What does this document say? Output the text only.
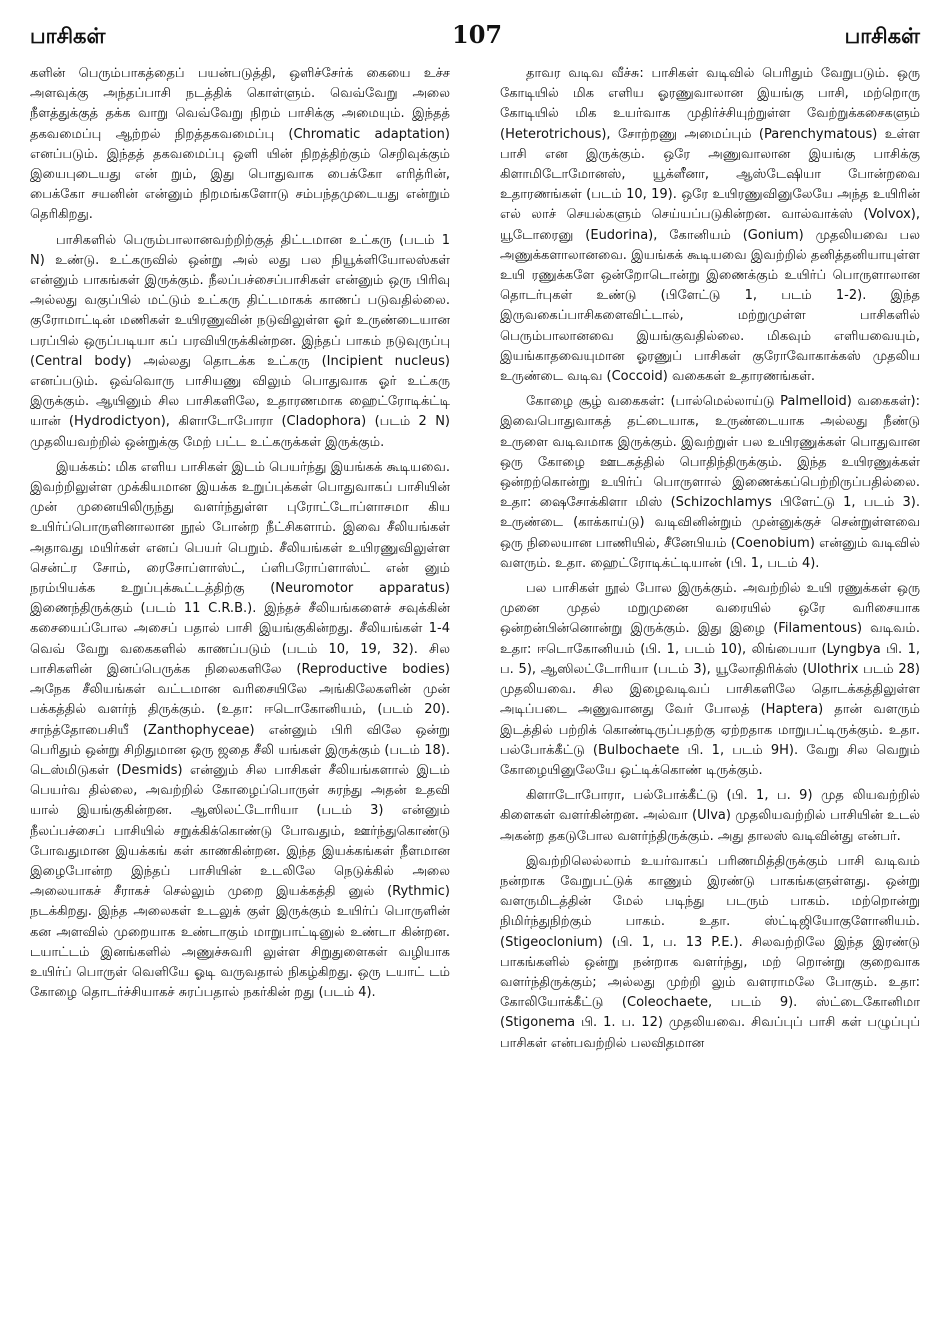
பாசிகள்	107	பாசிகள்

களின் பெரும்பாகத்தைப் பயன்படுத்தி, ஒளிச்சேர்க் கையை உச்ச அளவுக்கு அந்தப்பாசி நடத்திக் கொள்ளும். வெவ்வேறு அலை நீளத்துக்குத் தக்க வாறு வெவ்வேறு நிறம் பாசிக்கு அமையும். இந்தத் தகவமைப்பு ஆற்றல் நிறத்தகவமைப்பு (Chromatic adaptation) எனப்படும். இந்தத் தகவமைப்பு ஒளி யின் நிறத்திற்கும் செறிவுக்கும் இயைபுடையது என் றும், இது பொதுவாக பைக்கோ எரித்ரின், பைக்கோ சயனின் என்னும் நிறமங்களோடு சம்பந்தமுடையது என்றும் தெரிகிறது.

பாசிகளில் பெரும்பாலானவற்றிற்குத் திட்டமான உட்கரு (படம் 1 N) உண்டு. உட்கருவில் ஒன்று அல் லது பல நியூக்ளியோலஸ்கள் என்னும் பாகங்கள் இருக்கும். நீலப்பச்சைப்பாசிகள் என்னும் ஒரு பிரிவு அல்லது வகுப்பில் மட்டும் உட்கரு திட்டமாகக் காணப் படுவதில்லை. குரோமாட்டின் மணிகள் உயிரணுவின் நடுவிலுள்ள ஓர் உருண்டையான பரப்பில் ஒருப்படியா கப் பரவியிருக்கின்றன. இந்தப் பாகம் நடுவுருப்பு (Central body) அல்லது தொடக்க உட்கரு (Incipient nucleus) எனப்படும். ஒவ்வொரு பாசியணு விலும் பொதுவாக ஓர் உட்கரு இருக்கும். ஆயினும் சில பாசிகளிலே, உதாரணமாக ஹைட்ரோடிக்ட்டி யான் (Hydrodictyon), கிளாடோபோரா (Cladophora) (படம் 2 N) முதலியவற்றில் ஒன்றுக்கு மேற் பட்ட உட்கருக்கள் இருக்கும்.

இயக்கம்: மிக எளிய பாசிகள் இடம் பெயர்ந்து இயங்கக் கூடியவை. இவற்றிலுள்ள முக்கியமான இயக்க உறுப்புக்கள் பொதுவாகப் பாசியின் முன் முனையிலிருந்து வளர்ந்துள்ள புரோட்டோப்ளாசமா கிய உயிர்ப்பொருளினாலான நூல் போன்ற நீட்சிகளாம். இவை சீலியங்கள் அதாவது மயிர்கள் எனப் பெயர் பெறும். சீலியங்கள் உயிரணுவிலுள்ள சென்ட்ர சோம், ரைசோப்ளாஸ்ட், ப்ளிபரோப்ளாஸ்ட் என் னும் நரம்பியக்க உறுப்புக்கூட்டத்திற்கு (Neuromotor apparatus) இணைந்திருக்கும் (படம் 11 C.R.B.). இந்தச் சீலியங்களைச் சவுக்கின் கசையைப்போல அசைப் பதால் பாசி இயங்குகின்றது. சீலியங்கள் 1-4 வெவ் வேறு வகைகளில் காணப்படும் (படம் 10, 19, 32). சில பாசிகளின் இனப்பெருக்க நிலைகளிலே (Reproductive bodies) அநேக சீலியங்கள் வட்டமான வரிசையிலே அங்கிலேகளின் முன் பக்கத்தில் வளர்ந் திருக்கும். (உதா: ஈடொகோனியம், (படம் 20). சாந்த்தோபைசியீ (Zanthophyceae) என்னும் பிரி விலே ஒன்று பெரிதும் ஒன்று சிறிதுமான ஒரு ஜதை சீலி யங்கள் இருக்கும் (படம் 18). டெஸ்மிடுகள் (Desmids) என்னும் சில பாசிகள் சீலியங்களால் இடம் பெயர்வ தில்லை, அவற்றில் கோழைப்பொருள் சுரந்து அதன் உதவி யால் இயங்குகின்றன. ஆஸிலட்டோரியா (படம் 3) என்னும் நீலப்பச்சைப் பாசியில் சறுக்கிக்கொண்டு போவதும், ஊர்ந்துகொண்டு போவதுமான இயக்கங் கள் காணகின்றன. இந்த இயக்கங்கள் நீளமான இழைபோன்ற இந்தப் பாசியின் உடலிலே நெடுக்கில் அலை அலையாகச் சீராகச் செல்லும் முறை இயக்கத்தி னுல் (Rythmic) நடக்கிறது. இந்த அலைகள் உடலுக் குள் இருக்கும் உயிர்ப் பொருளின் கன அளவில் முறையாக உண்டாகும் மாறுபாட்டினுல் உண்டா கின்றன. டயாட்டம் இனங்களில் அணுச்சுவரி லுள்ள சிறுதுளைகள் வழியாக உயிர்ப் பொருள் வெளியே ஓடி வருவதால் நிகழ்கிறது. ஒரு டயாட் டம் கோழை தொடர்ச்சியாகச் சுரப்பதால் நகர்கின் றது (படம் 4).

தாவர வடிவ வீச்சு: பாசிகள் வடிவில் பெரிதும் வேறுபடும். ஒரு கோடியில் மிக எளிய ஓரணுவாலான இயங்கு பாசி, மற்றொரு கோடியில் மிக உயர்வாக முதிர்ச்சியுற்றுள்ள வேற்றுக்கசைகளும் (Heterotrichous), சோற்றணு அமைப்பும் (Parenchymatous) உள்ள பாசி என இருக்கும். ஒரே அணுவாலான இயங்கு பாசிக்கு கிளாமிடோமோனஸ், யூக்ளீனா, ஆஸ்டேஷியா போன்றவை உதாரணங்கள் (படம் 10, 19). ஒரே உயிரணுவினுலேயே அந்த உயிரின் எல் லாச் செயல்களும் செய்யப்படுகின்றன. வால்வாக்ஸ் (Volvox), யூடோரைனு (Eudorina), கோனியம் (Gonium) முதலியவை பல அணுக்களாலானவை. இயங்கக் கூடியவை இவற்றில் தனித்தனியாயுள்ள உயி ரணுக்களே ஒன்றோடொன்று இணைக்கும் உயிர்ப் பொருளாலான தொடர்புகள் உண்டு (பிளேட்டு 1, படம் 1-2). இந்த இருவகைப்பாசிகளைவிட்டால், மற்றுமுள்ள பாசிகளில் பெரும்பாலானவை இயங்குவதில்லை. மிகவும் எளியவையும், இயங்காதவையுமான ஓரணுப் பாசிகள் குரோவோகாக்கஸ் முதலிய உருண்டை வடிவ (Coccoid) வகைகள் உதாரணங்கள்.

கோழை சூழ் வகைகள்: (பால்மெல்லாய்டு Palmelloid) வகைகள்): இவைபொதுவாகத் தட்டையாக, உருண்டையாக அல்லது நீண்டு உருளை வடிவமாக இருக்கும். இவற்றுள் பல உயிரணுக்கள் பொதுவான ஒரு கோழை ஊடகத்தில் பொதிந்திருக்கும். இந்த உயிரணுக்கள் ஒன்றற்கொன்று உயிர்ப் பொருளால் இணைக்கப்பெற்றிருப்பதில்லை. உதா: ஷைசோக்கிளா மிஸ் (Schizochlamys பிளேட்டு 1, படம் 3). உருண்டை (காக்காய்டு) வடிவினின்றும் முன்னுக்குச் சென்றுள்ளவை ஒரு நிலையான பாணியில், சீனேபியம் (Coenobium) என்னும் வடிவில் வளரும். உதா. ஹைட்ரோடிக்ட்டியான் (பி. 1, படம் 4).

பல பாசிகள் நூல் போல இருக்கும். அவற்றில் உயி ரணுக்கள் ஒரு முனை முதல் மறுமுனை வரையில் ஒரே வரிசையாக ஒன்றன்பின்னொன்று இருக்கும். இது இழை (Filamentous) வடிவம். உதா: ஈடொகோனியம் (பி. 1, படம் 10), லிங்பையா (Lyngbya பி. 1, ப. 5), ஆஸிலட்டோரியா (படம் 3), யூலோதிரிக்ஸ் (Ulothrix படம் 28) முதலியவை. சில இழைவடிவப் பாசிகளிலே தொடக்கத்திலுள்ள அடிப்படை அணுவானது வேர் போலத் (Haptera) தான் வளரும் இடத்தில் பற்றிக் கொண்டிருப்பதற்கு ஏற்றதாக மாறுபட்டிருக்கும். உதா. பல்போக்கீட்டு (Bulbochaete பி. 1, படம் 9H). வேறு சில வெறும் கோழையினுலேயே ஒட்டிக்கொண் டிருக்கும்.

கிளாடோபோரா, பல்போக்கீட்டு (பி. 1, ப. 9) முத லியவற்றில் கிளைகள் வளர்கின்றன. அல்வா (Ulva) முதலியவற்றில் பாசியின் உடல் அகன்ற தகடுபோல வளர்ந்திருக்கும். அது தாலஸ் வடிவின்து என்பர்.

இவற்றிலெல்லாம் உயர்வாகப் பரிணமித்திருக்கும் பாசி வடிவம் நன்றாக வேறுபட்டுக் காணும் இரண்டு பாகங்களுள்ளது. ஒன்று வளருமிடத்தின் மேல் படிந்து படரும் பாகம். மற்றொன்று நிமிர்ந்துநிற்கும் பாகம். உதா. ஸ்ட்டிஜியோகுளோனியம். (Stigeoclonium) (பி. 1, ப. 13 P.E.). சிலவற்றிலே இந்த இரண்டு பாகங்களில் ஒன்று நன்றாக வளர்ந்து, மற் றொன்று குறைவாக வளர்ந்திருக்கும்; அல்லது முற்றி லும் வளராமலே போகும். உதா: கோலியோக்கீட்டு (Coleochaete, படம் 9). ஸ்ட்டைகோனிமா (Stigonema பி. 1. ப. 12) முதலியவை. சிவப்புப் பாசி கள் பழுப்புப் பாசிகள் என்பவற்றில் பலவிதமான
